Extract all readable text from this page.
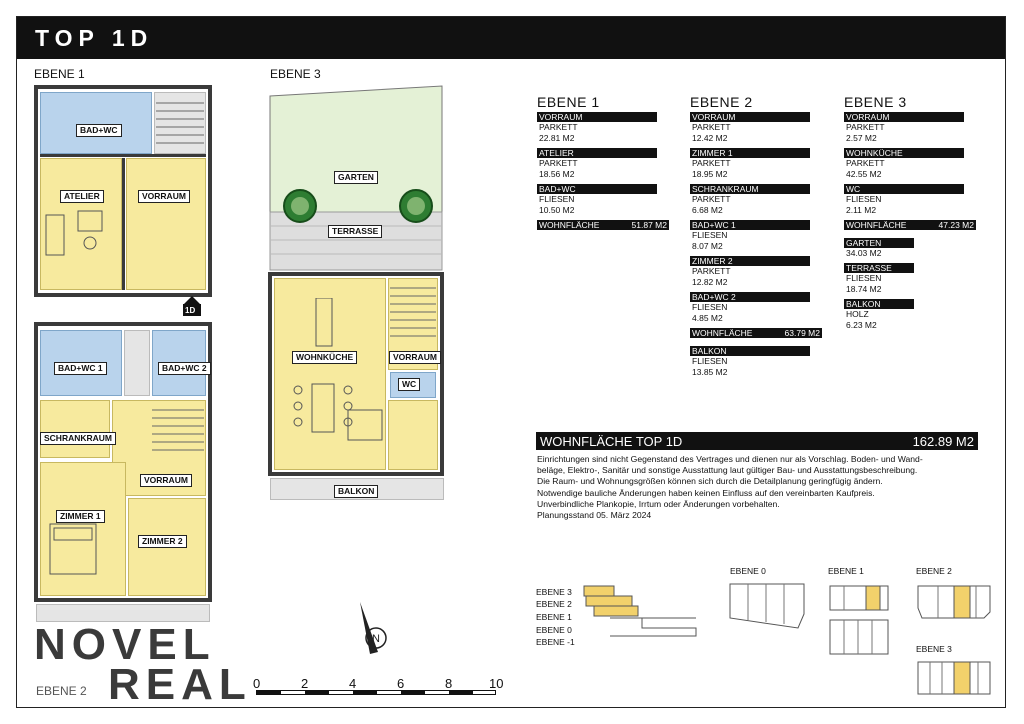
TOP 1D
EBENE 1
BAD+WC
ATELIER	VORRAUM
1D
BAD+WC 1	BAD+WC 2
SCHRANKRAUM
VORRAUM
ZIMMER 1
ZIMMER 2
EBENE 2
EBENE 3
GARTEN
TERRASSE
WOHNKÜCHE	VORRAUM
WC
BALKON
N
0	2	4	6	8	10
NOVEL
REAL
EBENE 1
VORRAUM
PARKETT
22.81 M2
ATELIER
PARKETT
18.56 M2
BAD+WC
FLIESEN
10.50 M2
WOHNFLÄCHE	51.87 M2
EBENE 2
VORRAUM
PARKETT
12.42 M2
ZIMMER 1
PARKETT
18.95 M2
SCHRANKRAUM
PARKETT
6.68 M2
BAD+WC 1
FLIESEN
8.07 M2
ZIMMER 2
PARKETT
12.82 M2
BAD+WC 2
FLIESEN
4.85 M2
WOHNFLÄCHE	63.79 M2
BALKON
FLIESEN
13.85 M2
EBENE 3
VORRAUM
PARKETT
2.57 M2
WOHNKÜCHE
PARKETT
42.55 M2
WC
FLIESEN
2.11 M2
WOHNFLÄCHE	47.23 M2
GARTEN
34.03 M2
TERRASSE
FLIESEN
18.74 M2
BALKON
HOLZ
6.23 M2
WOHNFLÄCHE TOP 1D	162.89 M2

Einrichtungen sind nicht Gegenstand des Vertrages und dienen nur als Vorschlag. Boden- und Wand-

beläge, Elektro-, Sanitär und sonstige Ausstattung laut gültiger Bau- und Ausstattungsbeschreibung.

Die Raum- und Wohnungsgrößen können sich durch die Detailplanung geringfügig ändern.

Notwendige bauliche Änderungen haben keinen Einfluss auf den vereinbarten Kaufpreis.

Unverbindliche Plankopie, Irrtum oder Änderungen vorbehalten.

Planungsstand 05. März 2024

EBENE 3
EBENE 2
EBENE 1
EBENE 0
EBENE -1
EBENE 0	EBENE 1	EBENE 2
EBENE 3
